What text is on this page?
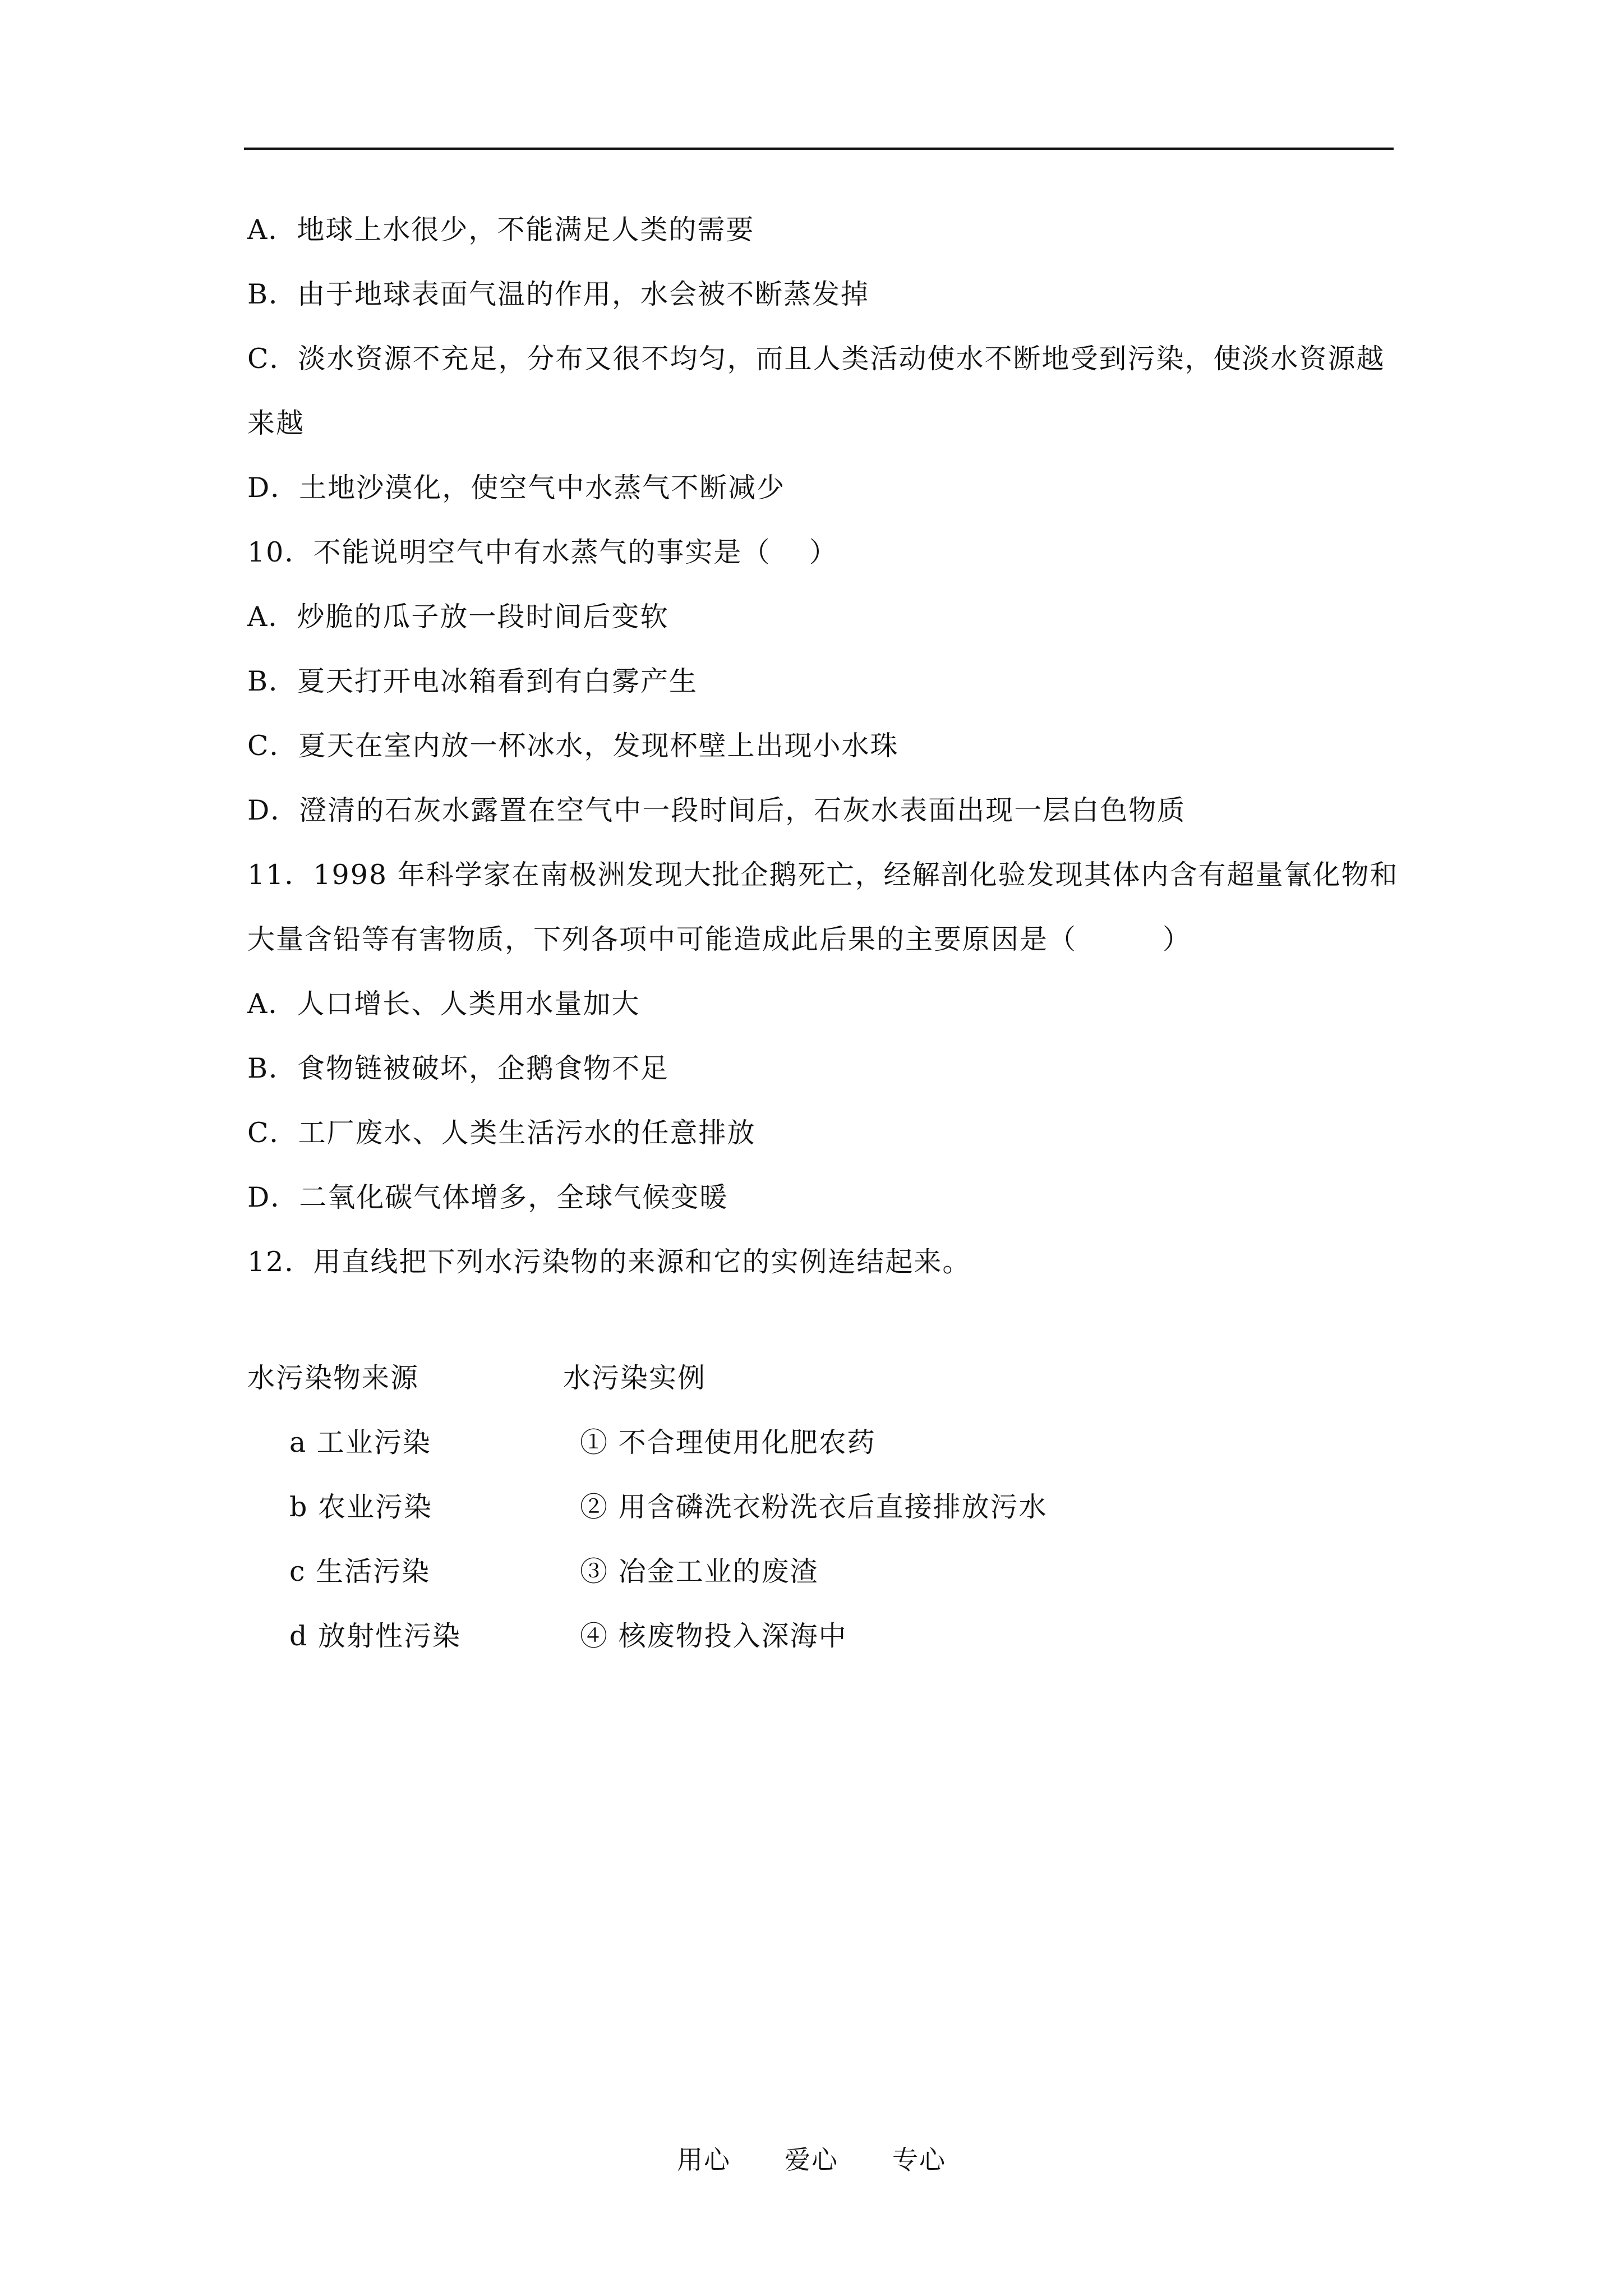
A．地球上水很少，不能满足人类的需要
B．由于地球表面气温的作用，水会被不断蒸发掉
C．淡水资源不充足，分布又很不均匀，而且人类活动使水不断地受到污染，使淡水资源越
来越
D．土地沙漠化，使空气中水蒸气不断减少
10．不能说明空气中有水蒸气的事实是（　 ）
A．炒脆的瓜子放一段时间后变软
B．夏天打开电冰箱看到有白雾产生
C．夏天在室内放一杯冰水，发现杯壁上出现小水珠
D．澄清的石灰水露置在空气中一段时间后，石灰水表面出现一层白色物质
11．1998 年科学家在南极洲发现大批企鹅死亡，经解剖化验发现其体内含有超量氰化物和
大量含铅等有害物质，下列各项中可能造成此后果的主要原因是（　　　）
A．人口增长、人类用水量加大
B．食物链被破坏，企鹅食物不足
C．工厂废水、人类生活污水的任意排放
D．二氧化碳气体增多，全球气候变暖
12．用直线把下列水污染物的来源和它的实例连结起来。
水污染物来源	水污染实例
a 工业污染	① 不合理使用化肥农药
b 农业污染	② 用含磷洗衣粉洗衣后直接排放污水
c 生活污染	③ 冶金工业的废渣
d 放射性污染	④ 核废物投入深海中
用心　　爱心　　专心
